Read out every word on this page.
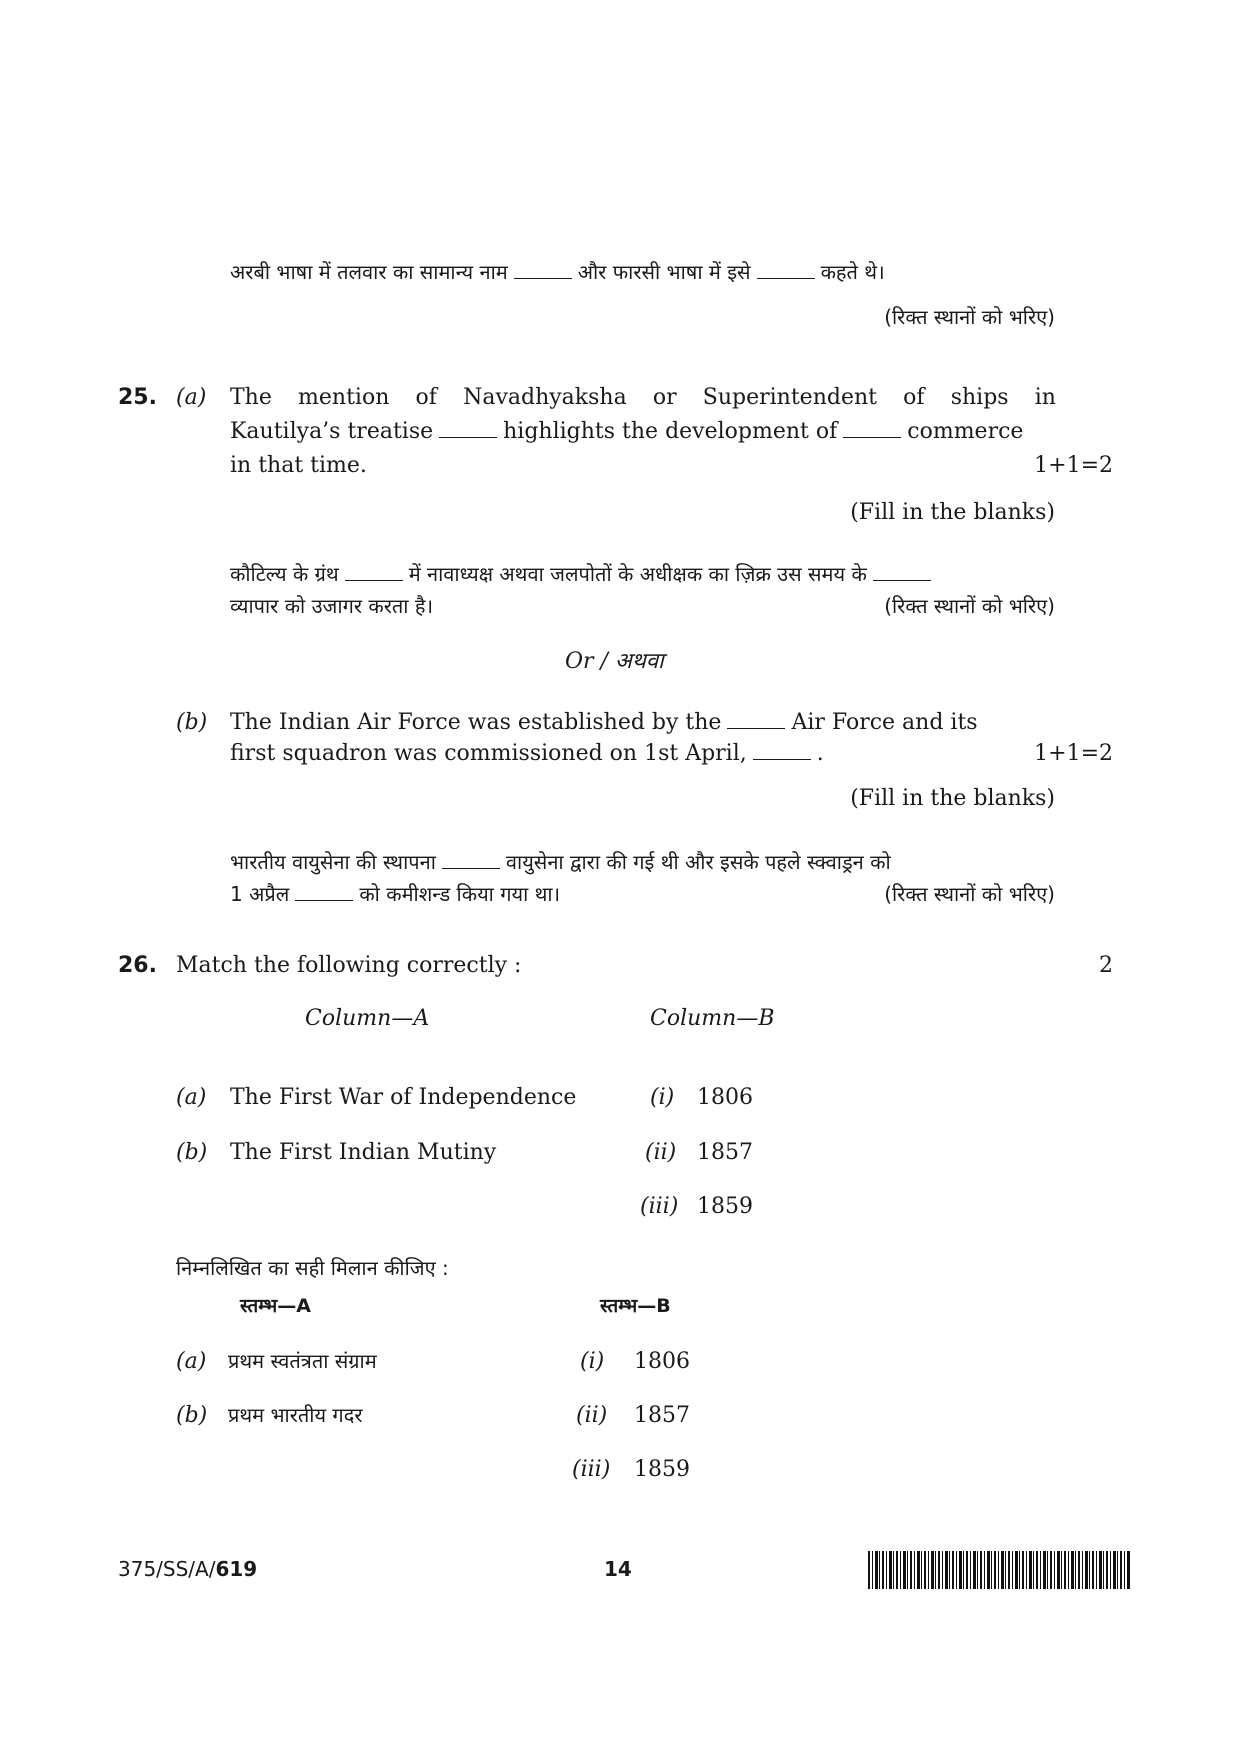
अरबी भाषा में तलवार का सामान्य नाम	और फारसी भाषा में इसे	कहते थे।
(रिक्त स्थानों को भरिए)
25. (a) The mention of Navadhyaksha or Superintendent of ships in
Kautilya’s treatise	highlights the development of	commerce
in that time.	1+1=2
(Fill in the blanks)
कौटिल्य के ग्रंथ	में नावाध्यक्ष अथवा जलपोतों के अधीक्षक का ज़िक्र उस समय के
व्यापार को उजागर करता है।	(रिक्त स्थानों को भरिए)
Or / अथवा
(b) The Indian Air Force was established by the	Air Force and its
first squadron was commissioned on 1st April,	.	1+1=2
(Fill in the blanks)
भारतीय वायुसेना की स्थापना	वायुसेना द्वारा की गई थी और इसके पहले स्क्वाड्रन को
1 अप्रैल	को कमीशन्ड किया गया था।	(रिक्त स्थानों को भरिए)
26. Match the following correctly :	2
Column—A	Column—B
(a) The First War of Independence	(i) 1806
(b) The First Indian Mutiny	(ii) 1857
(iii) 1859
निम्नलिखित का सही मिलान कीजिए :
स्तम्भ—A	स्तम्भ—B
(a) प्रथम स्वतंत्रता संग्राम	(i) 1806
(b) प्रथम भारतीय गदर	(ii) 1857
(iii) 1859
375/SS/A/619	14
